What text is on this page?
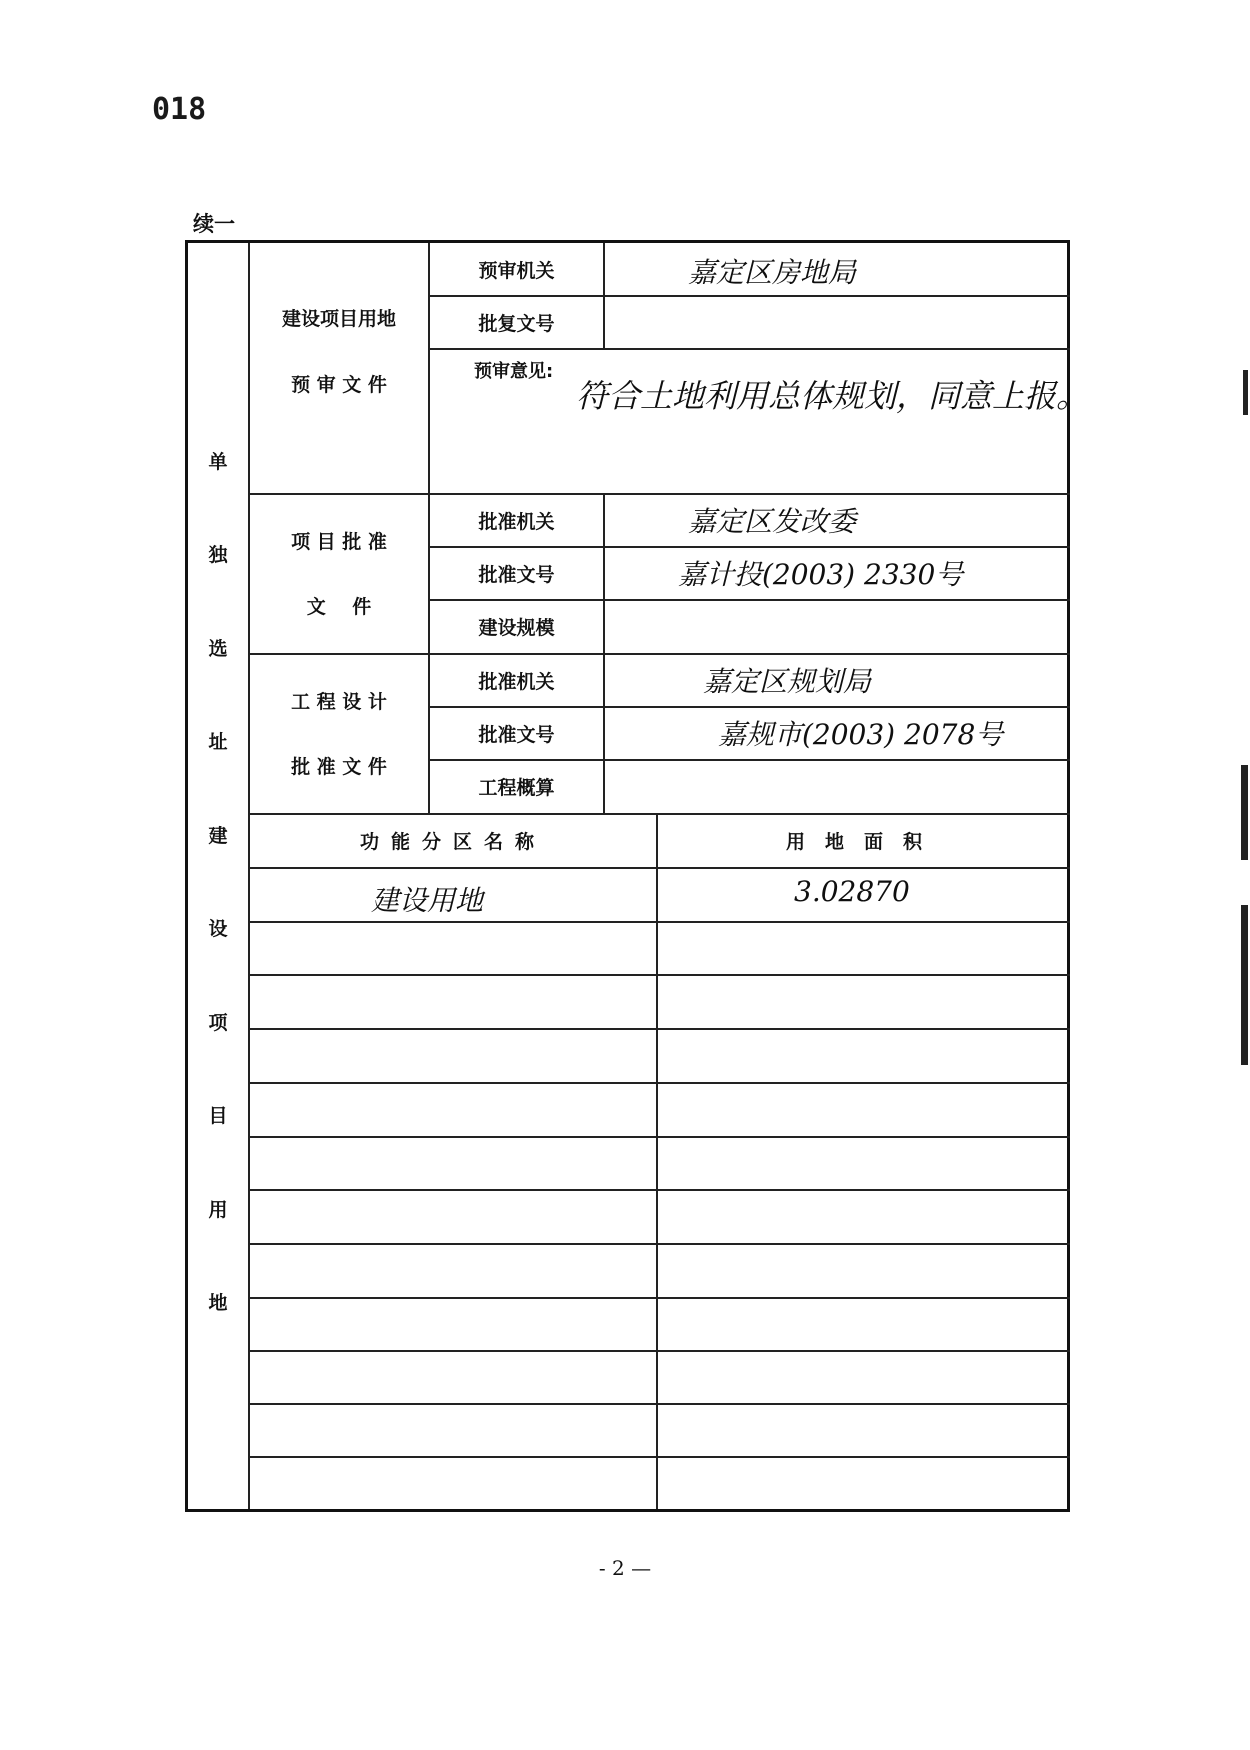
018
续一
单
独
选
址
建
设
项
目
用
地
建设项目用地
预 审 文 件
预审机关	嘉定区房地局
批复文号
预审意见:
符合土地利用总体规划，同意上报。
项 目 批 准
文    件
批准机关	嘉定区发改委
批准文号	嘉计投(2003) 2330号
建设规模
工 程 设 计
批 准 文 件
批准机关	嘉定区规划局
批准文号	嘉规市(2003) 2078号
工程概算
功能分区名称	用地面积
建设用地	3.02870
- 2 —
